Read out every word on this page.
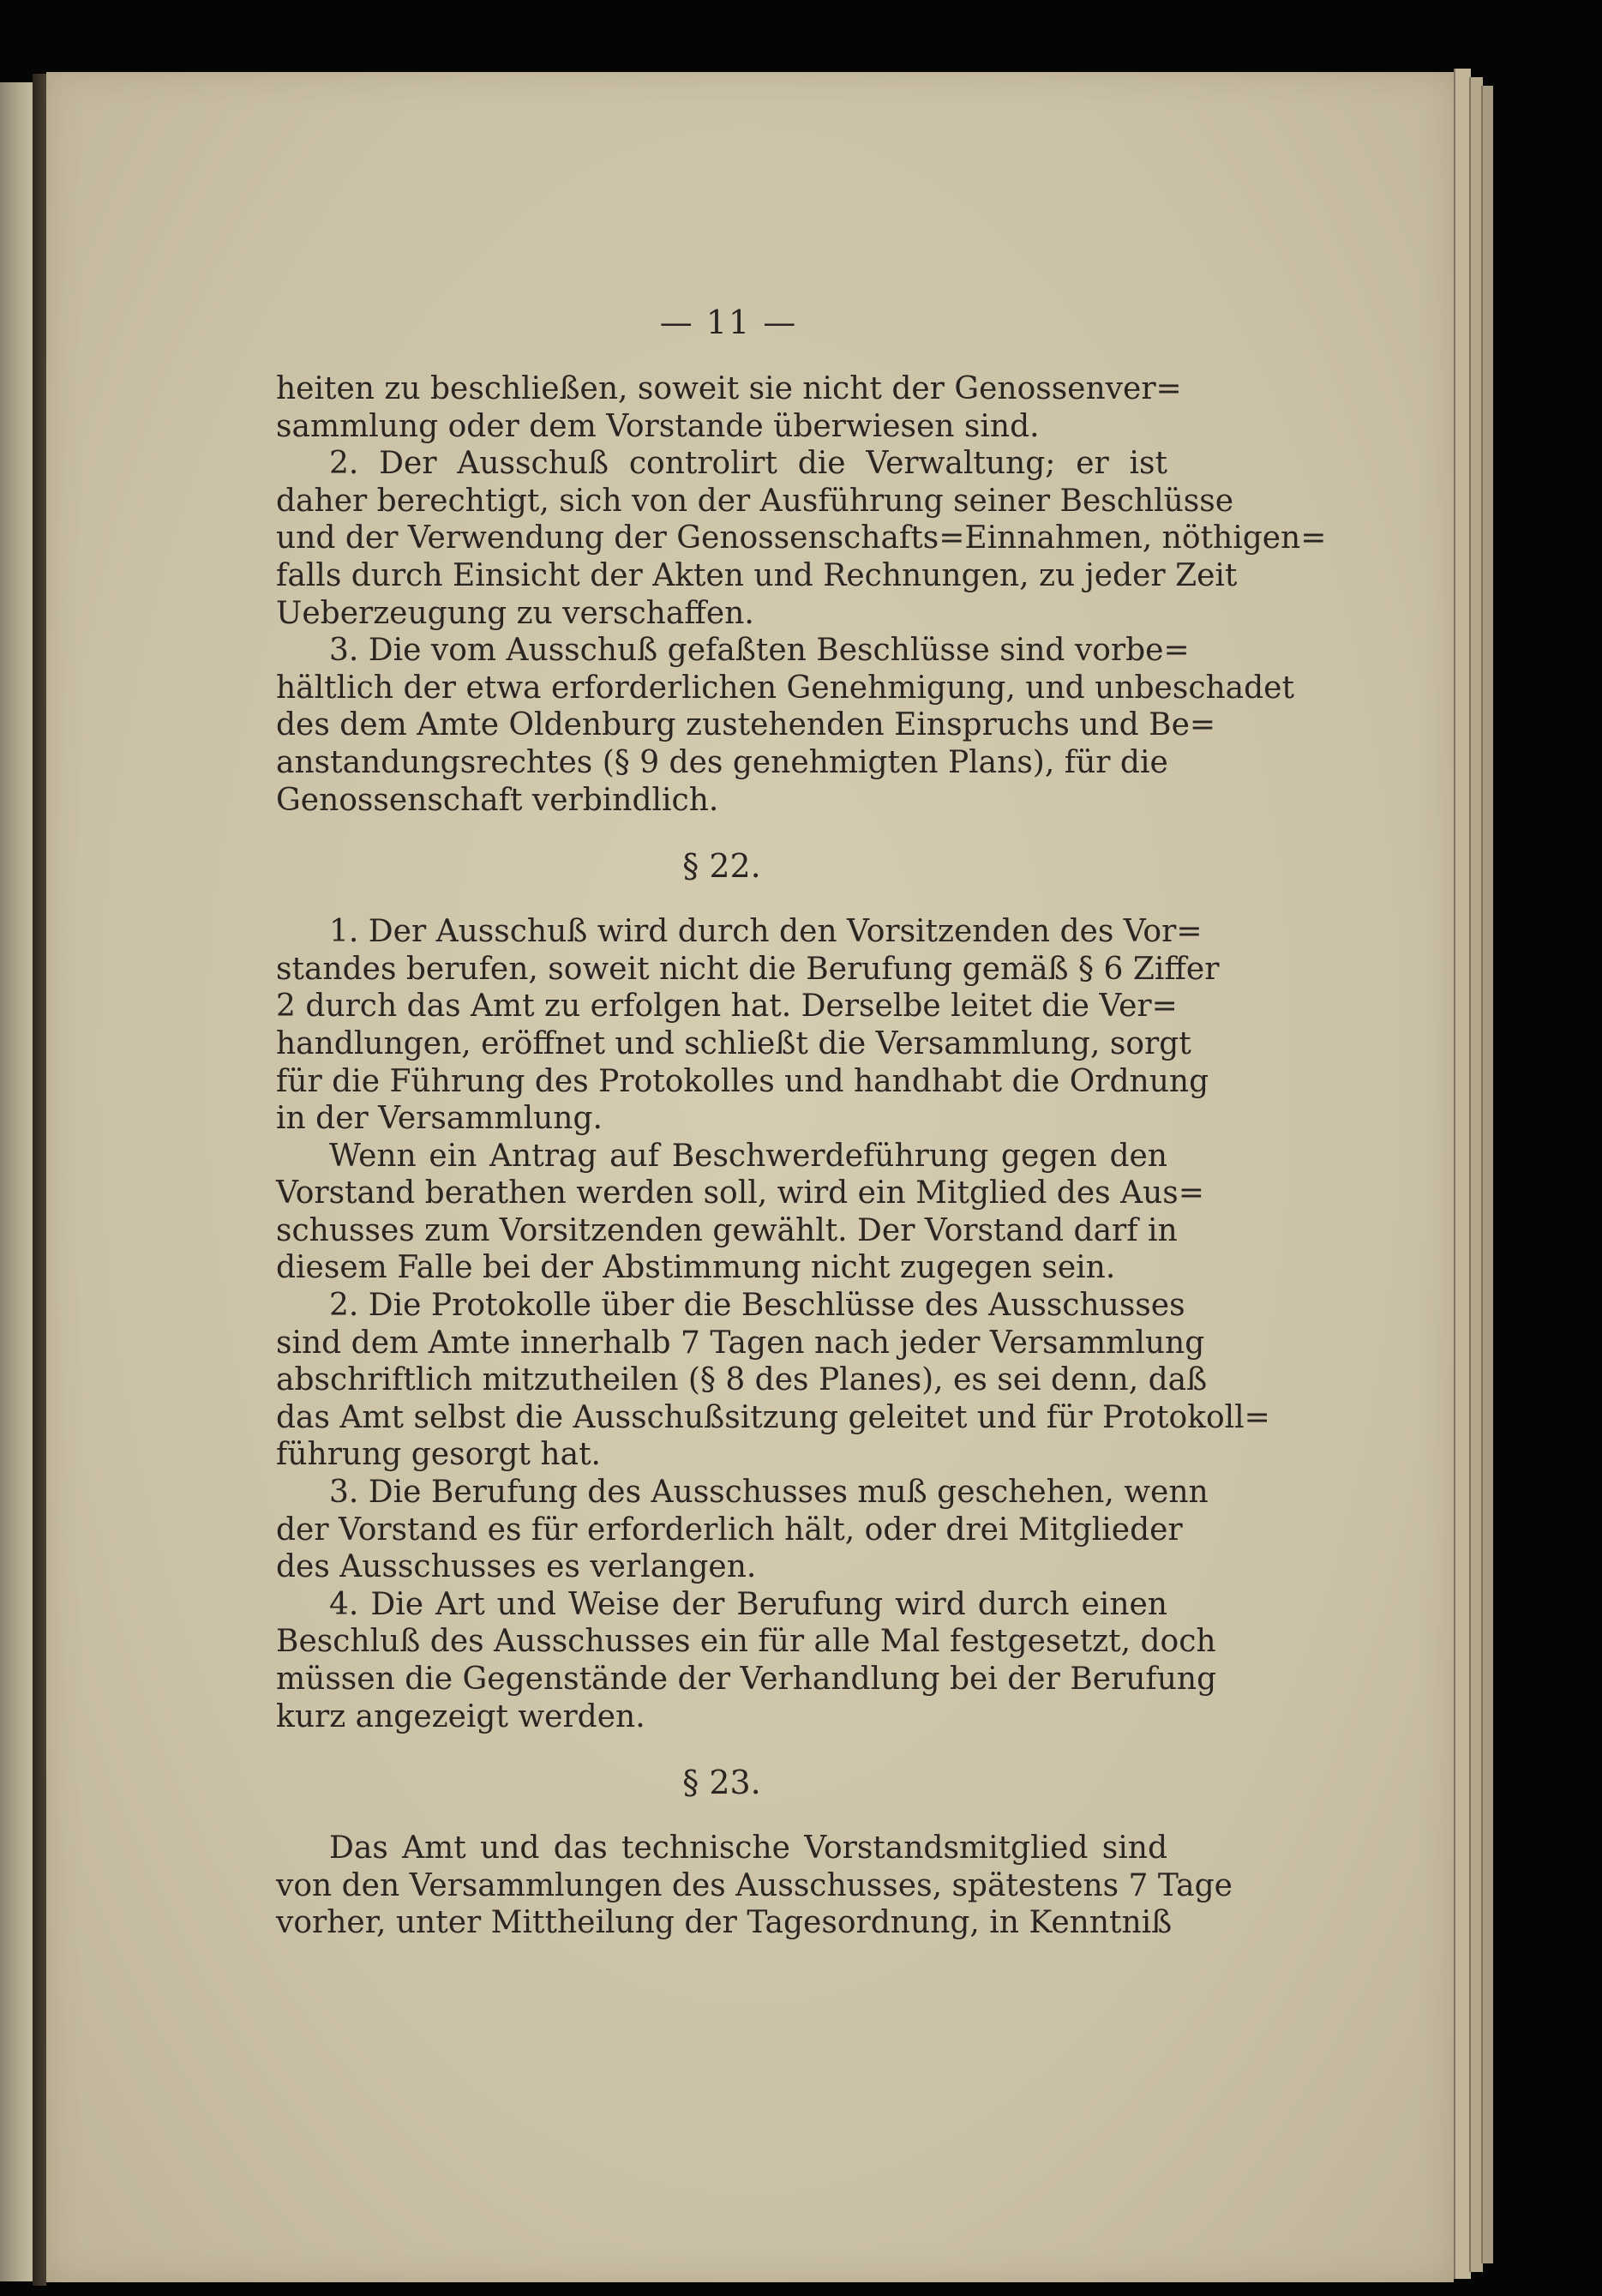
— 11 —

heiten zu beschließen, soweit sie nicht der Genossenver=

sammlung oder dem Vorstande überwiesen sind.

2. Der Ausschuß controlirt die Verwaltung; er ist

daher berechtigt, sich von der Ausführung seiner Beschlüsse

und der Verwendung der Genossenschafts=Einnahmen, nöthigen=

falls durch Einsicht der Akten und Rechnungen, zu jeder Zeit

Ueberzeugung zu verschaffen.

3. Die vom Ausschuß gefaßten Beschlüsse sind vorbe=

hältlich der etwa erforderlichen Genehmigung, und unbeschadet

des dem Amte Oldenburg zustehenden Einspruchs und Be=

anstandungsrechtes (§ 9 des genehmigten Plans), für die

Genossenschaft verbindlich.

§ 22.

1. Der Ausschuß wird durch den Vorsitzenden des Vor=

standes berufen, soweit nicht die Berufung gemäß § 6 Ziffer

2 durch das Amt zu erfolgen hat. Derselbe leitet die Ver=

handlungen, eröffnet und schließt die Versammlung, sorgt

für die Führung des Protokolles und handhabt die Ordnung

in der Versammlung.

Wenn ein Antrag auf Beschwerdeführung gegen den

Vorstand berathen werden soll, wird ein Mitglied des Aus=

schusses zum Vorsitzenden gewählt. Der Vorstand darf in

diesem Falle bei der Abstimmung nicht zugegen sein.

2. Die Protokolle über die Beschlüsse des Ausschusses

sind dem Amte innerhalb 7 Tagen nach jeder Versammlung

abschriftlich mitzutheilen (§ 8 des Planes), es sei denn, daß

das Amt selbst die Ausschußsitzung geleitet und für Protokoll=

führung gesorgt hat.

3. Die Berufung des Ausschusses muß geschehen, wenn

der Vorstand es für erforderlich hält, oder drei Mitglieder

des Ausschusses es verlangen.

4. Die Art und Weise der Berufung wird durch einen

Beschluß des Ausschusses ein für alle Mal festgesetzt, doch

müssen die Gegenstände der Verhandlung bei der Berufung

kurz angezeigt werden.

§ 23.

Das Amt und das technische Vorstandsmitglied sind

von den Versammlungen des Ausschusses, spätestens 7 Tage

vorher, unter Mittheilung der Tagesordnung, in Kenntniß
